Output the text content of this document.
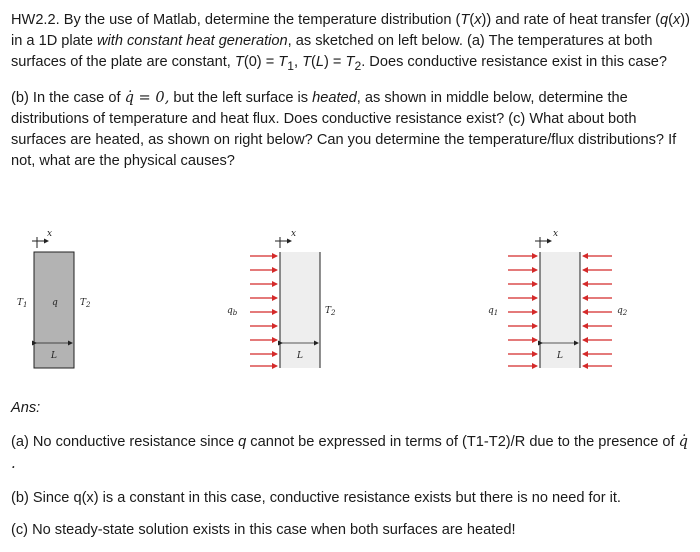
HW2.2. By the use of Matlab, determine the temperature distribution (T(x)) and rate of heat transfer (q(x)) in a 1D plate with constant heat generation, as sketched on left below. (a) The temperatures at both surfaces of the plate are constant, $T(0) = T_1$, $T(L) = T_2$. Does conductive resistance exist in this case?
(b) In the case of q̇ = 0, but the left surface is heated, as shown in middle below, determine the distributions of temperature and heat flux. Does conductive resistance exist? (c) What about both surfaces are heated, as shown on right below? Can you determine the temperature/flux distributions? If not, what are the physical causes?
x
$T_1$	q $T_2$
L
x
$q_b$	$T_2$
L
x
$q_1$	$q_2$
L
Ans:
(a) No conductive resistance since q cannot be expressed in terms of (T1-T2)/R due to the presence of q̇ .
(b) Since q(x) is a constant in this case, conductive resistance exists but there is no need for it.
(c) No steady-state solution exists in this case when both surfaces are heated!
